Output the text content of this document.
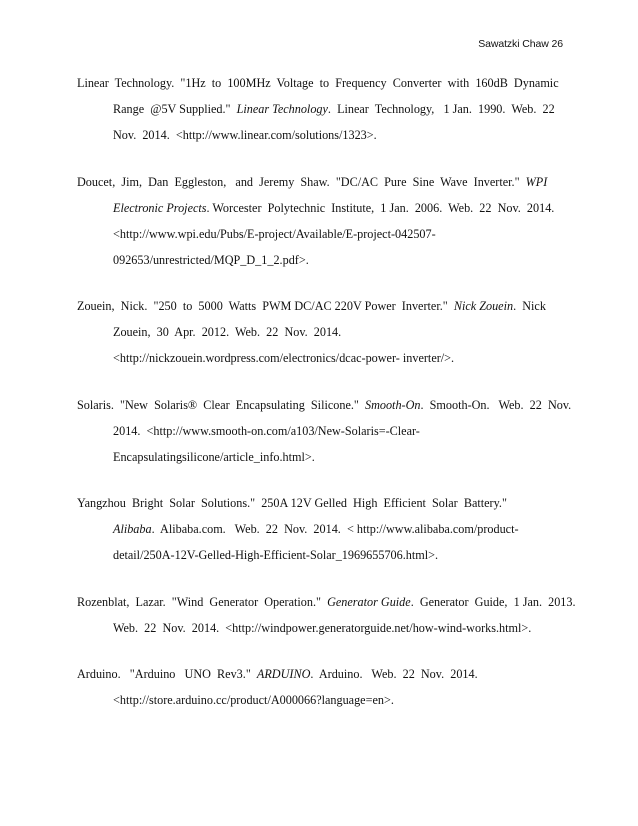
Sawatzki Chaw 26
Linear  Technology.  "1Hz  to  100MHz  Voltage  to  Frequency  Converter  with  160dB  Dynamic
Range  @5V Supplied."  Linear Technology.  Linear  Technology,   1 Jan.  1990.  Web.  22
Nov.  2014.  <http://www.linear.com/solutions/1323>.
Doucet,  Jim,  Dan  Eggleston,   and  Jeremy  Shaw.  "DC/AC  Pure  Sine  Wave  Inverter."  WPI
Electronic Projects. Worcester  Polytechnic  Institute,  1 Jan.  2006.  Web.  22  Nov.  2014.
<http://www.wpi.edu/Pubs/E-project/Available/E-project-042507-
092653/unrestricted/MQP_D_1_2.pdf>.
Zouein,  Nick.  "250  to  5000  Watts  PWM DC/AC 220V Power  Inverter."  Nick Zouein.  Nick
Zouein,  30  Apr.  2012.  Web.  22  Nov.  2014.
<http://nickzouein.wordpress.com/electronics/dcac-power- inverter/>.
Solaris.  "New  Solaris®  Clear  Encapsulating  Silicone."  Smooth-On.  Smooth-On.   Web.  22  Nov.
2014.  <http://www.smooth-on.com/a103/New-Solaris=-Clear-
Encapsulatingsilicone/article_info.html>.
Yangzhou  Bright  Solar  Solutions."  250A 12V Gelled  High  Efficient  Solar  Battery."
Alibaba.  Alibaba.com.   Web.  22  Nov.  2014.  < http://www.alibaba.com/product-
detail/250A-12V-Gelled-High-Efficient-Solar_1969655706.html>.
Rozenblat,  Lazar.  "Wind  Generator  Operation."  Generator Guide.  Generator  Guide,  1 Jan.  2013.
Web.  22  Nov.  2014.  <http://windpower.generatorguide.net/how-wind-works.html>.
Arduino.   "Arduino   UNO  Rev3."  ARDUINO.  Arduino.   Web.  22  Nov.  2014.
<http://store.arduino.cc/product/A000066?language=en>.
